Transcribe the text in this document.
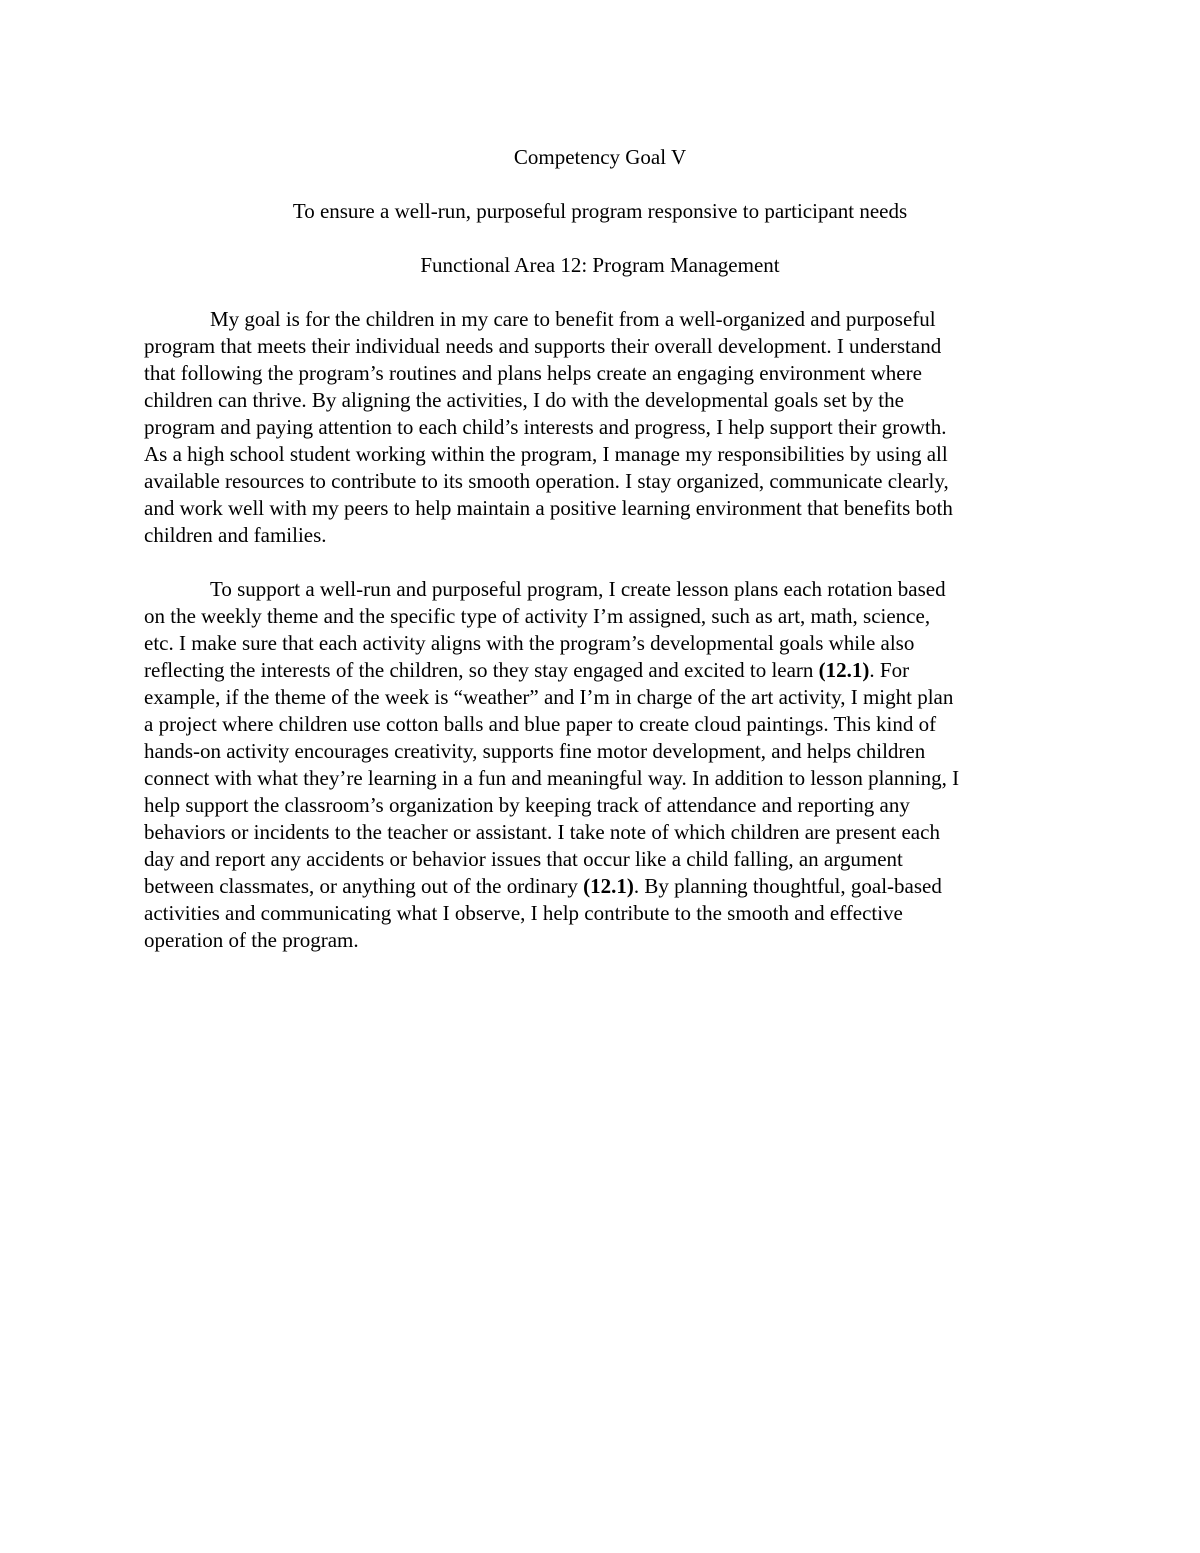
Competency Goal V
To ensure a well-run, purposeful program responsive to participant needs
Functional Area 12: Program Management

My goal is for the children in my care to benefit from a well-organized and purposeful
program that meets their individual needs and supports their overall development. I understand
that following the program’s routines and plans helps create an engaging environment where
children can thrive. By aligning the activities, I do with the developmental goals set by the
program and paying attention to each child’s interests and progress, I help support their growth.
As a high school student working within the program, I manage my responsibilities by using all
available resources to contribute to its smooth operation. I stay organized, communicate clearly,
and work well with my peers to help maintain a positive learning environment that benefits both
children and families.

To support a well-run and purposeful program, I create lesson plans each rotation based
on the weekly theme and the specific type of activity I’m assigned, such as art, math, science,
etc. I make sure that each activity aligns with the program’s developmental goals while also
reflecting the interests of the children, so they stay engaged and excited to learn (12.1). For
example, if the theme of the week is “weather” and I’m in charge of the art activity, I might plan
a project where children use cotton balls and blue paper to create cloud paintings. This kind of
hands-on activity encourages creativity, supports fine motor development, and helps children
connect with what they’re learning in a fun and meaningful way. In addition to lesson planning, I
help support the classroom’s organization by keeping track of attendance and reporting any
behaviors or incidents to the teacher or assistant. I take note of which children are present each
day and report any accidents or behavior issues that occur like a child falling, an argument
between classmates, or anything out of the ordinary (12.1). By planning thoughtful, goal-based
activities and communicating what I observe, I help contribute to the smooth and effective
operation of the program.
